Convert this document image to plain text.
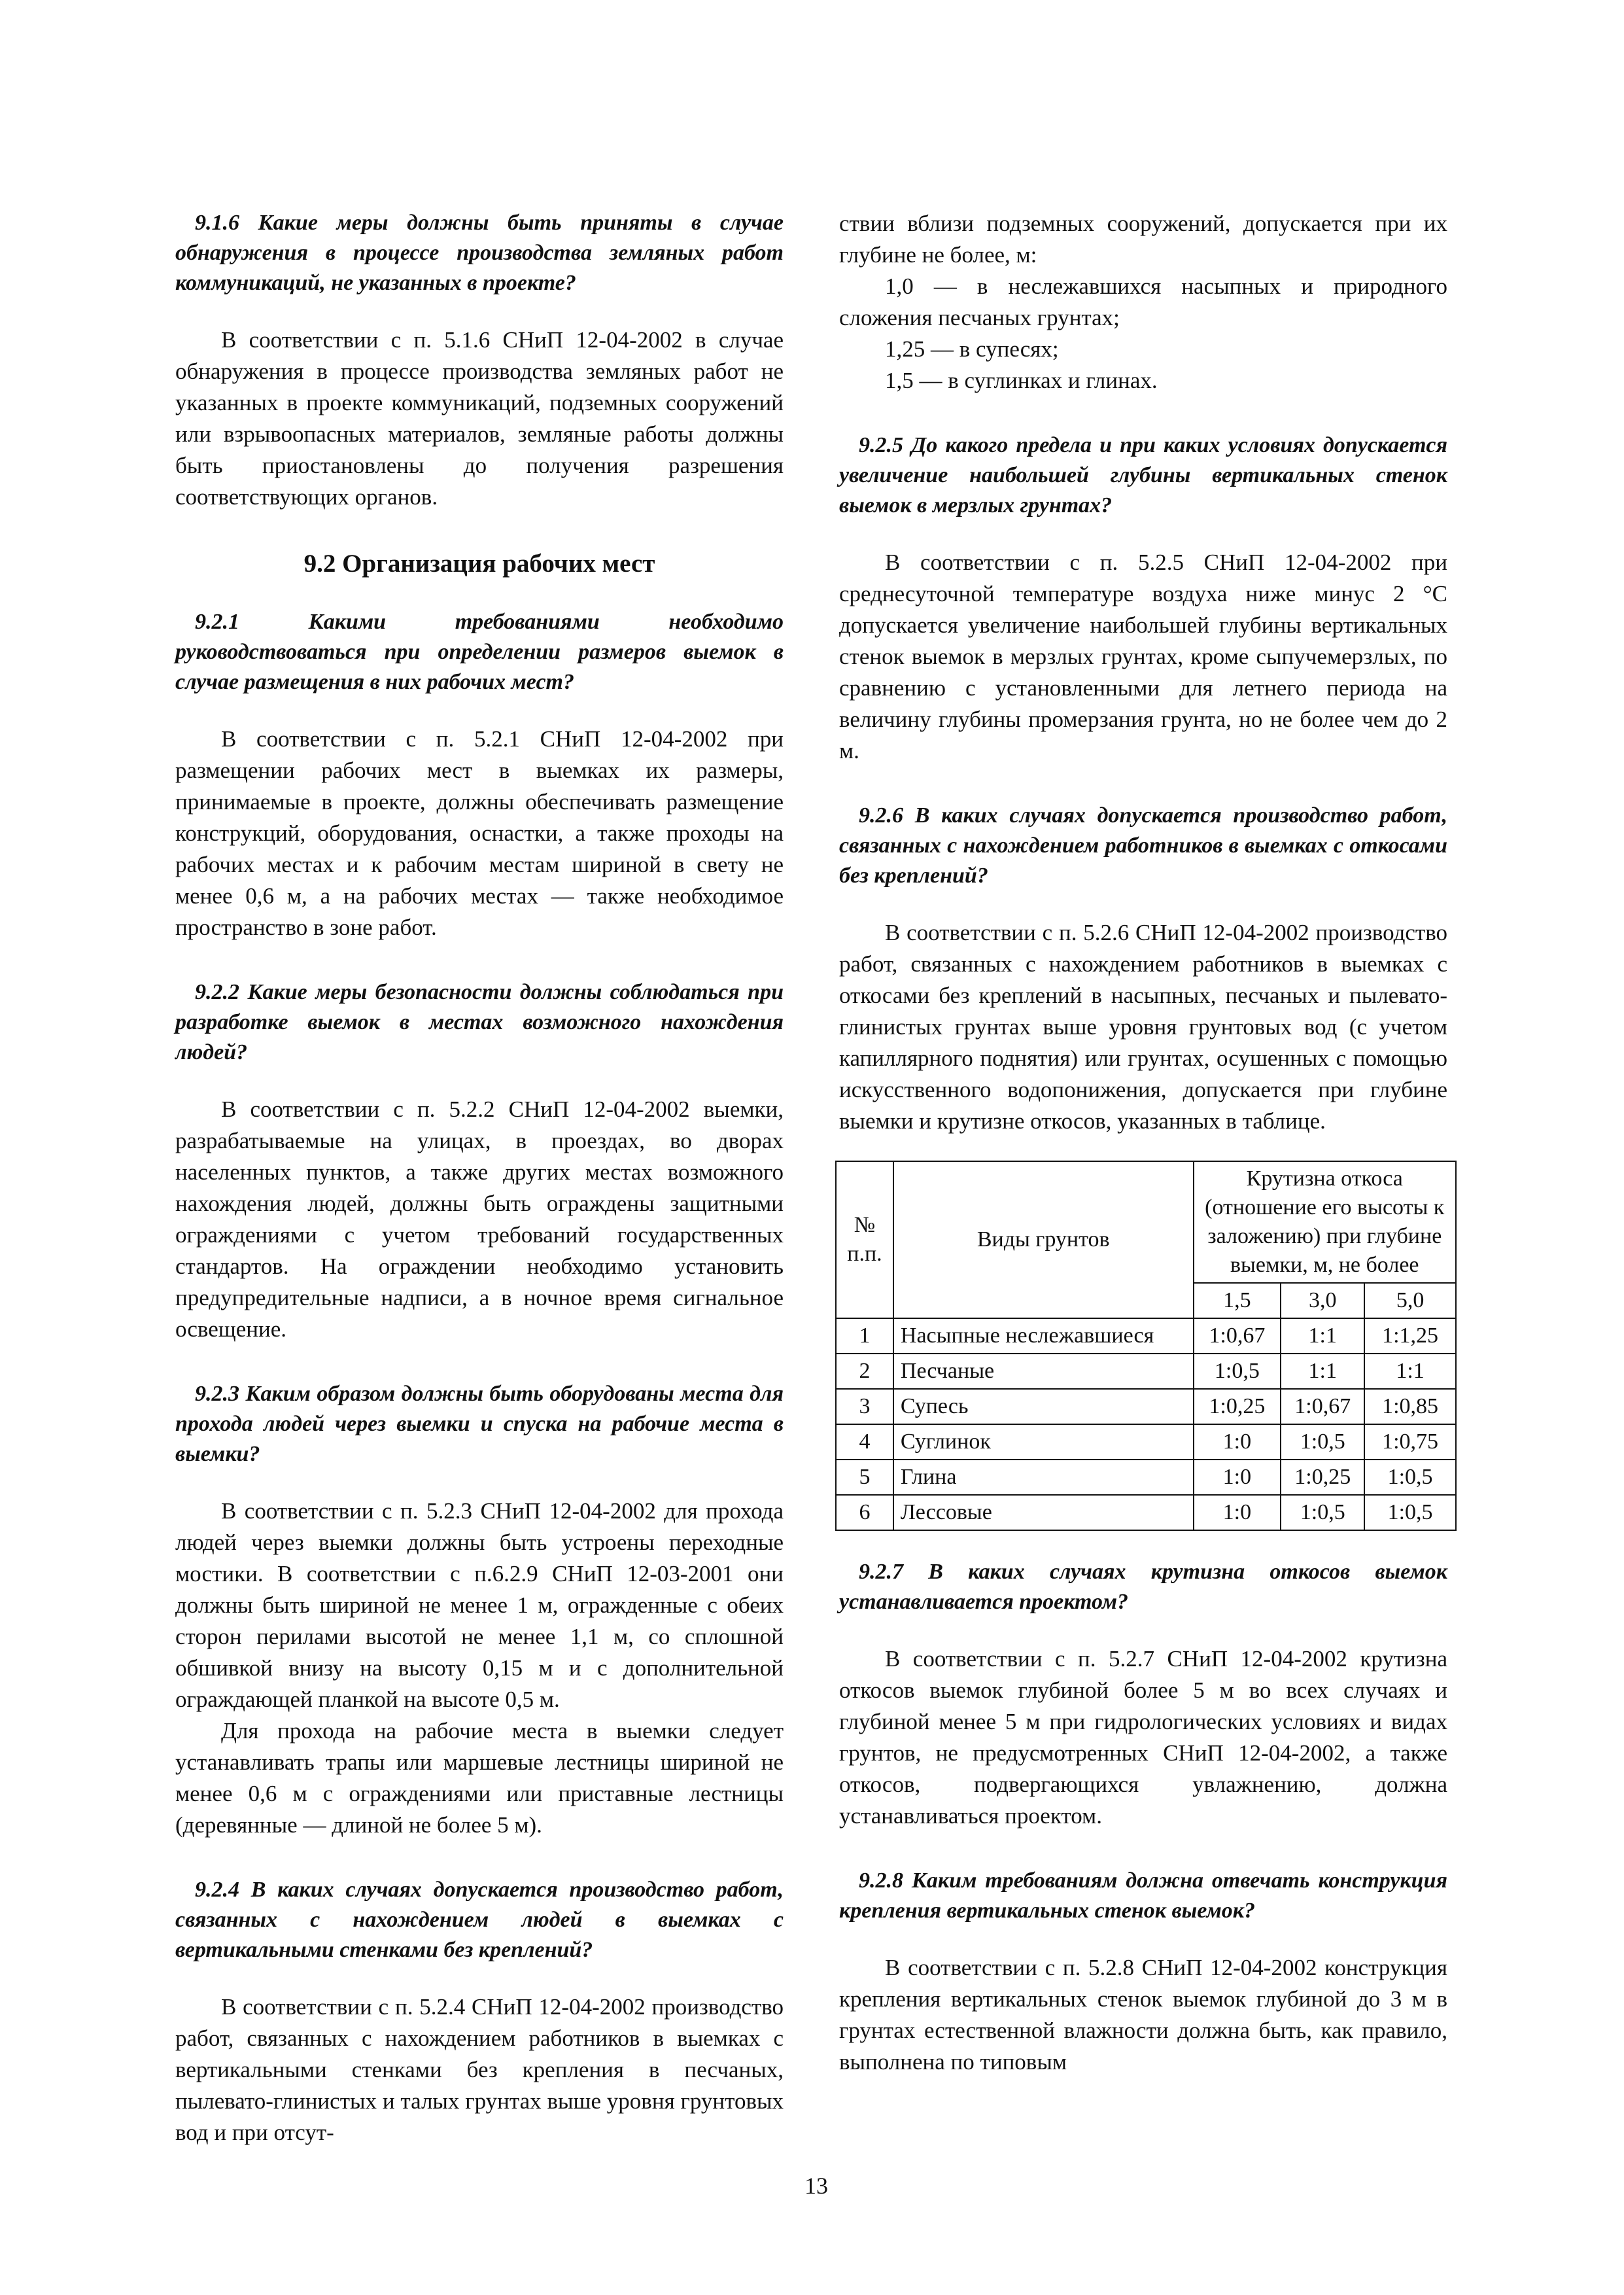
9.1.6 Какие меры должны быть приняты в случае обнаружения в процессе производства земляных работ коммуникаций, не указанных в проекте?

В соответствии с п. 5.1.6 СНиП 12-04-2002 в случае обнаружения в процессе производства земляных работ не указанных в проекте коммуникаций, подземных сооружений или взрывоопасных материалов, земляные работы должны быть приостановлены до получения разрешения соответствующих органов.

9.2 Организация рабочих мест

9.2.1 Какими требованиями необходимо руководствоваться при определении размеров выемок в случае размещения в них рабочих мест?

В соответствии с п. 5.2.1 СНиП 12-04-2002 при размещении рабочих мест в выемках их размеры, принимаемые в проекте, должны обеспечивать размещение конструкций, оборудования, оснастки, а также проходы на рабочих местах и к рабочим местам шириной в свету не менее 0,6 м, а на рабочих местах — также необходимое пространство в зоне работ.

9.2.2 Какие меры безопасности должны соблюдаться при разработке выемок в местах возможного нахождения людей?

В соответствии с п. 5.2.2 СНиП 12-04-2002 выемки, разрабатываемые на улицах, в проездах, во дворах населенных пунктов, а также других местах возможного нахождения людей, должны быть ограждены защитными ограждениями с учетом требований государственных стандартов. На ограждении необходимо установить предупредительные надписи, а в ночное время сигнальное освещение.

9.2.3 Каким образом должны быть оборудованы места для прохода людей через выемки и спуска на рабочие места в выемки?

В соответствии с п. 5.2.3 СНиП 12-04-2002 для прохода людей через выемки должны быть устроены переходные мостики. В соответствии с п.6.2.9 СНиП 12-03-2001 они должны быть шириной не менее 1 м, огражденные с обеих сторон перилами высотой не менее 1,1 м, со сплошной обшивкой внизу на высоту 0,15 м и с дополнительной ограждающей планкой на высоте 0,5 м.

Для прохода на рабочие места в выемки следует устанавливать трапы или маршевые лестницы шириной не менее 0,6 м с ограждениями или приставные лестницы (деревянные — длиной не более 5 м).

9.2.4 В каких случаях допускается производство работ, связанных с нахождением людей в выемках с вертикальными стенками без креплений?

В соответствии с п. 5.2.4 СНиП 12-04-2002 производство работ, связанных с нахождением работников в выемках с вертикальными стенками без крепления в песчаных, пылевато-глинистых и талых грунтах выше уровня грунтовых вод и при отсут-

ствии вблизи подземных сооружений, допускается при их глубине не более, м:

1,0 — в неслежавшихся насыпных и природного сложения песчаных грунтах;

1,25 — в супесях;

1,5 — в суглинках и глинах.

9.2.5 До какого предела и при каких условиях допускается увеличение наибольшей глубины вертикальных стенок выемок в мерзлых грунтах?

В соответствии с п. 5.2.5 СНиП 12-04-2002 при среднесуточной температуре воздуха ниже минус 2 °С допускается увеличение наибольшей глубины вертикальных стенок выемок в мерзлых грунтах, кроме сыпучемерзлых, по сравнению с установленными для летнего периода на величину глубины промерзания грунта, но не более чем до 2 м.

9.2.6 В каких случаях допускается производство работ, связанных с нахождением работников в выемках с откосами без креплений?

В соответствии с п. 5.2.6 СНиП 12-04-2002 производство работ, связанных с нахождением работников в выемках с откосами без креплений в насыпных, песчаных и пылевато-глинистых грунтах выше уровня грунтовых вод (с учетом капиллярного поднятия) или грунтах, осушенных с помощью искусственного водопонижения, допускается при глубине выемки и крутизне откосов, указанных в таблице.

№ п.п.	Виды грунтов	Крутизна откоса (отношение его высоты к заложению) при глубине выемки, м, не более		
		1,5	3,0	5,0
1	Насыпные неслежавшиеся	1:0,67	1:1	1:1,25
2	Песчаные	1:0,5	1:1	1:1
3	Супесь	1:0,25	1:0,67	1:0,85
4	Суглинок	1:0	1:0,5	1:0,75
5	Глина	1:0	1:0,25	1:0,5
6	Лессовые	1:0	1:0,5	1:0,5

9.2.7 В каких случаях крутизна откосов выемок устанавливается проектом?

В соответствии с п. 5.2.7 СНиП 12-04-2002 крутизна откосов выемок глубиной более 5 м во всех случаях и глубиной менее 5 м при гидрологических условиях и видах грунтов, не предусмотренных СНиП 12-04-2002, а также откосов, подвергающихся увлажнению, должна устанавливаться проектом.

9.2.8 Каким требованиям должна отвечать конструкция крепления вертикальных стенок выемок?

В соответствии с п. 5.2.8 СНиП 12-04-2002 конструкция крепления вертикальных стенок выемок глубиной до 3 м в грунтах естественной влажности должна быть, как правило, выполнена по типовым

13
